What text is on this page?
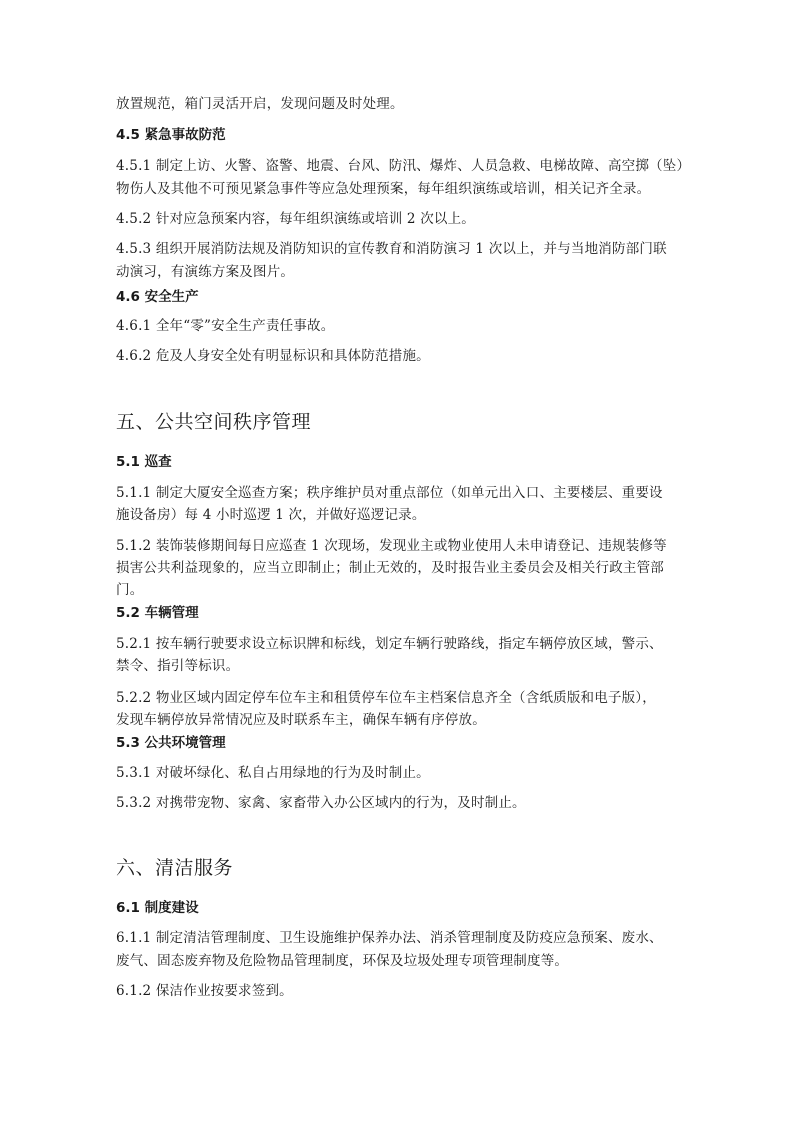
放置规范，箱门灵活开启，发现问题及时处理。
4.5 紧急事故防范
4.5.1 制定上访、火警、盗警、地震、台风、防汛、爆炸、人员急救、电梯故障、高空掷（坠）
物伤人及其他不可预见紧急事件等应急处理预案，每年组织演练或培训，相关记齐全录。
4.5.2 针对应急预案内容，每年组织演练或培训 2 次以上。
4.5.3 组织开展消防法规及消防知识的宣传教育和消防演习 1 次以上，并与当地消防部门联
动演习，有演练方案及图片。
4.6 安全生产
4.6.1 全年“零”安全生产责任事故。
4.6.2 危及人身安全处有明显标识和具体防范措施。
五、公共空间秩序管理
5.1 巡查
5.1.1 制定大厦安全巡查方案；秩序维护员对重点部位（如单元出入口、主要楼层、重要设
施设备房）每 4 小时巡逻 1 次，并做好巡逻记录。
5.1.2 装饰装修期间每日应巡查 1 次现场，发现业主或物业使用人未申请登记、违规装修等
损害公共利益现象的，应当立即制止；制止无效的，及时报告业主委员会及相关行政主管部
门。
5.2 车辆管理
5.2.1 按车辆行驶要求设立标识牌和标线，划定车辆行驶路线，指定车辆停放区域，警示、
禁令、指引等标识。
5.2.2 物业区域内固定停车位车主和租赁停车位车主档案信息齐全（含纸质版和电子版），
发现车辆停放异常情况应及时联系车主，确保车辆有序停放。
5.3 公共环境管理
5.3.1 对破坏绿化、私自占用绿地的行为及时制止。
5.3.2 对携带宠物、家禽、家畜带入办公区域内的行为，及时制止。
六、清洁服务
6.1 制度建设
6.1.1 制定清洁管理制度、卫生设施维护保养办法、消杀管理制度及防疫应急预案、废水、
废气、固态废弃物及危险物品管理制度，环保及垃圾处理专项管理制度等。
6.1.2 保洁作业按要求签到。
